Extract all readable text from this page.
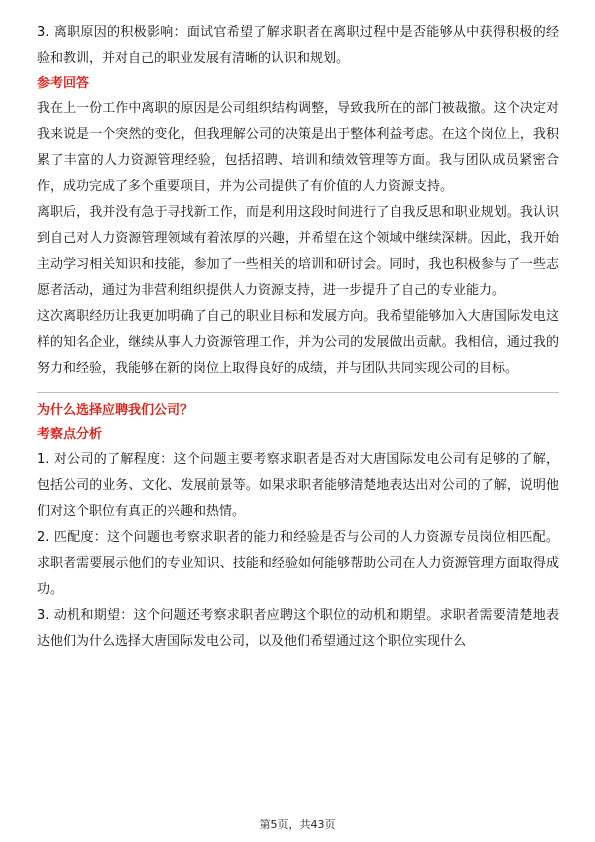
3. 离职原因的积极影响：面试官希望了解求职者在离职过程中是否能够从中获得积极的经验和教训，并对自己的职业发展有清晰的认识和规划。

参考回答

我在上一份工作中离职的原因是公司组织结构调整，导致我所在的部门被裁撤。这个决定对我来说是一个突然的变化，但我理解公司的决策是出于整体利益考虑。在这个岗位上，我积累了丰富的人力资源管理经验，包括招聘、培训和绩效管理等方面。我与团队成员紧密合作，成功完成了多个重要项目，并为公司提供了有价值的人力资源支持。

离职后，我并没有急于寻找新工作，而是利用这段时间进行了自我反思和职业规划。我认识到自己对人力资源管理领域有着浓厚的兴趣，并希望在这个领域中继续深耕。因此，我开始主动学习相关知识和技能，参加了一些相关的培训和研讨会。同时，我也积极参与了一些志愿者活动，通过为非营利组织提供人力资源支持，进一步提升了自己的专业能力。

这次离职经历让我更加明确了自己的职业目标和发展方向。我希望能够加入大唐国际发电这样的知名企业，继续从事人力资源管理工作，并为公司的发展做出贡献。我相信，通过我的努力和经验，我能够在新的岗位上取得良好的成绩，并与团队共同实现公司的目标。

为什么选择应聘我们公司？

考察点分析

1. 对公司的了解程度：这个问题主要考察求职者是否对大唐国际发电公司有足够的了解，包括公司的业务、文化、发展前景等。如果求职者能够清楚地表达出对公司的了解，说明他们对这个职位有真正的兴趣和热情。

2. 匹配度：这个问题也考察求职者的能力和经验是否与公司的人力资源专员岗位相匹配。求职者需要展示他们的专业知识、技能和经验如何能够帮助公司在人力资源管理方面取得成功。

3. 动机和期望：这个问题还考察求职者应聘这个职位的动机和期望。求职者需要清楚地表达他们为什么选择大唐国际发电公司，以及他们希望通过这个职位实现什么

第5页，共43页
